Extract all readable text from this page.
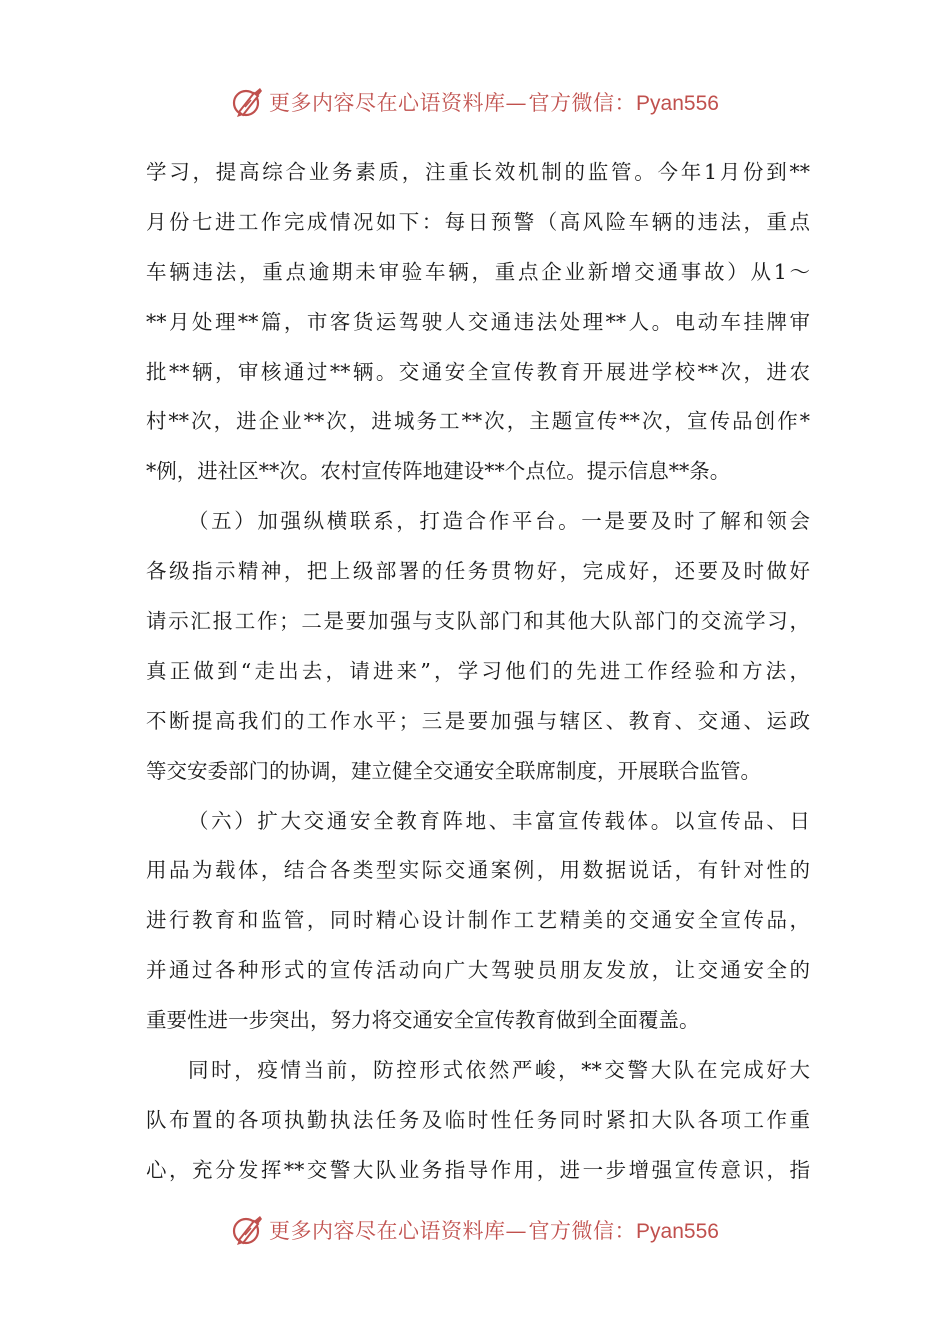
更多内容尽在心语资料库—官方微信：Pyan556
学习，提高综合业务素质，注重长效机制的监管。今年1月份到**
月份七进工作完成情况如下：每日预警（高风险车辆的违法，重点
车辆违法，重点逾期未审验车辆，重点企业新增交通事故）从1～
**月处理**篇，市客货运驾驶人交通违法处理**人。电动车挂牌审
批**辆，审核通过**辆。交通安全宣传教育开展进学校**次，进农
村**次，进企业**次，进城务工**次，主题宣传**次，宣传品创作*
*例，进社区**次。农村宣传阵地建设**个点位。提示信息**条。
（五）加强纵横联系，打造合作平台。一是要及时了解和领会
各级指示精神，把上级部署的任务贯物好，完成好，还要及时做好
请示汇报工作；二是要加强与支队部门和其他大队部门的交流学习，
真正做到“走出去，请进来”，学习他们的先进工作经验和方法，
不断提高我们的工作水平；三是要加强与辖区、教育、交通、运政
等交安委部门的协调，建立健全交通安全联席制度，开展联合监管。
（六）扩大交通安全教育阵地、丰富宣传载体。以宣传品、日
用品为载体，结合各类型实际交通案例，用数据说话，有针对性的
进行教育和监管，同时精心设计制作工艺精美的交通安全宣传品，
并通过各种形式的宣传活动向广大驾驶员朋友发放，让交通安全的
重要性进一步突出，努力将交通安全宣传教育做到全面覆盖。
同时，疫情当前，防控形式依然严峻，**交警大队在完成好大
队布置的各项执勤执法任务及临时性任务同时紧扣大队各项工作重
心，充分发挥**交警大队业务指导作用，进一步增强宣传意识，指
更多内容尽在心语资料库—官方微信：Pyan556
